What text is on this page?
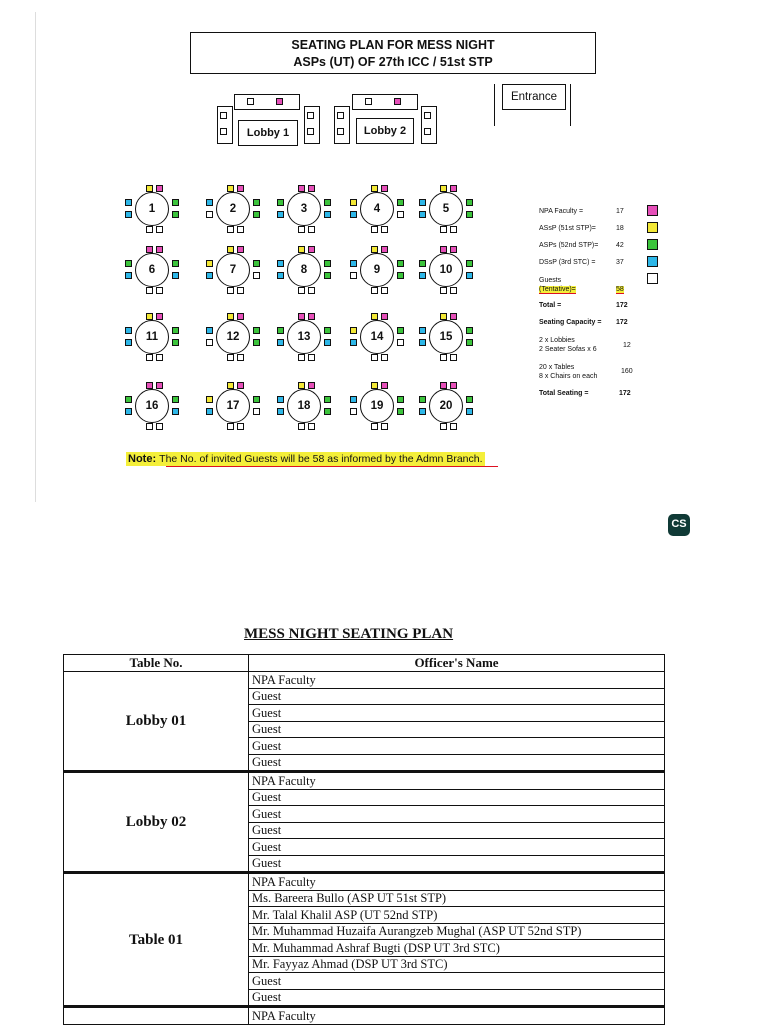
SEATING PLAN FOR MESS NIGHT
ASPs (UT) OF 27th ICC / 51st STP
Entrance
Lobby 1	Lobby 2
1	2	3	4	5
6	7	8	9	10
11	12	13	14	15
16	17	18	19	20
NPA Faculty =	17
ASsP (51st STP)=	18
ASPs (52nd STP)=	42
DSsP (3rd STC) =	37
Guests
(Tentative)=	58
Total =	172
Seating Capacity = 172
2 x Lobbies
2 Seater Sofas x 6
12
20 x Tables
8 x Chairs on each
160
Total Seating =	172
Note: The No. of invited Guests will be 58 as informed by the Admn Branch.
CS
MESS NIGHT SEATING PLAN
Table No.	Officer's Name
Lobby 01	NPA Faculty
	Guest
	Guest
	Guest
	Guest
	Guest
Lobby 02	NPA Faculty
	Guest
	Guest
	Guest
	Guest
	Guest
Table 01	NPA Faculty
	Ms. Bareera Bullo (ASP UT 51st STP)
	Mr. Talal Khalil ASP (UT 52nd STP)
	Mr. Muhammad Huzaifa Aurangzeb Mughal (ASP UT 52nd STP)
	Mr. Muhammad Ashraf Bugti (DSP UT 3rd STC)
	Mr. Fayyaz Ahmad (DSP UT 3rd STC)
	Guest
	Guest
	NPA Faculty
